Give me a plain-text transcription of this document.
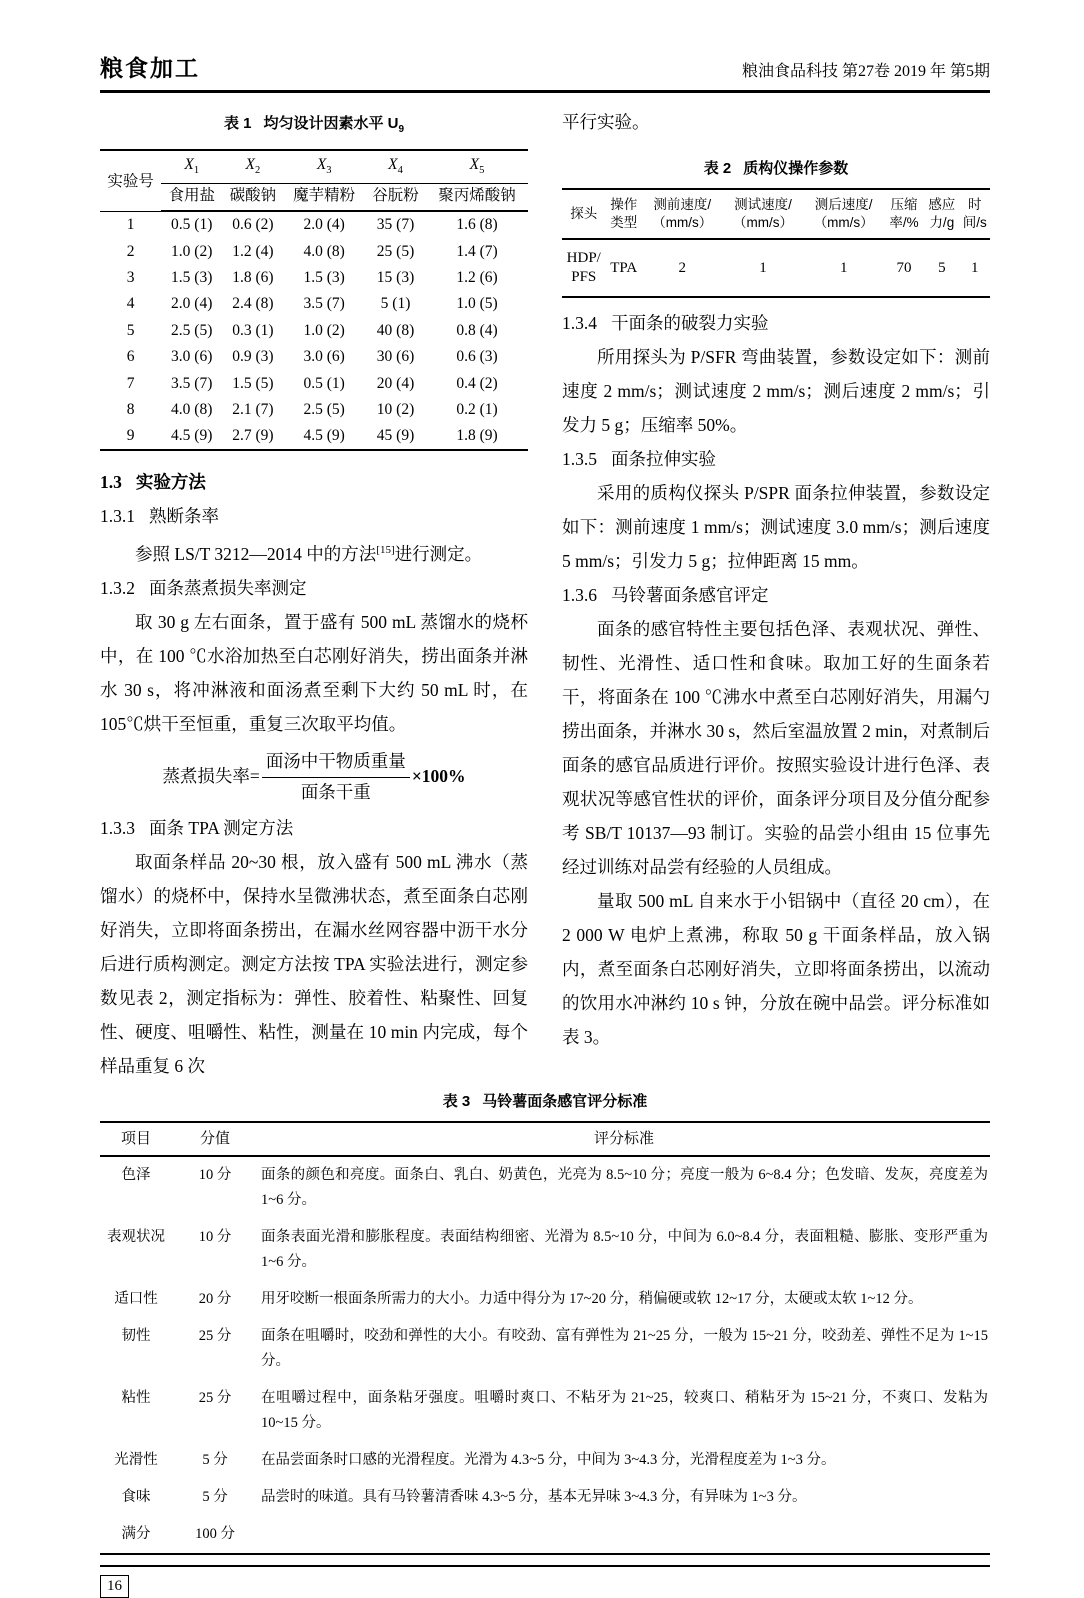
粮食加工	粮油食品科技 第27卷 2019 年 第5期
表 1 均匀设计因素水平 $U_9$
实验号	$X_1$	$X_2$	$X_3$	$X_4$	$X_5$
	食用盐	碳酸钠	魔芋精粉	谷朊粉	聚丙烯酸钠
1	0.5 (1)	0.6 (2)	2.0 (4)	35 (7)	1.6 (8)
2	1.0 (2)	1.2 (4)	4.0 (8)	25 (5)	1.4 (7)
3	1.5 (3)	1.8 (6)	1.5 (3)	15 (3)	1.2 (6)
4	2.0 (4)	2.4 (8)	3.5 (7)	5 (1)	1.0 (5)
5	2.5 (5)	0.3 (1)	1.0 (2)	40 (8)	0.8 (4)
6	3.0 (6)	0.9 (3)	3.0 (6)	30 (6)	0.6 (3)
7	3.5 (7)	1.5 (5)	0.5 (1)	20 (4)	0.4 (2)
8	4.0 (8)	2.1 (7)	2.5 (5)	10 (2)	0.2 (1)
9	4.5 (9)	2.7 (9)	4.5 (9)	45 (9)	1.8 (9)
1.3 实验方法
1.3.1 熟断条率

参照 LS/T 3212—2014 中的方法[15]进行测定。

1.3.2 面条蒸煮损失率测定

取 30 g 左右面条，置于盛有 500 mL 蒸馏水的烧杯中，在 100 ℃水浴加热至白芯刚好消失，捞出面条并淋水 30 s，将冲淋液和面汤煮至剩下大约 50 mL 时，在 105℃烘干至恒重，重复三次取平均值。

蒸煮损失率= $\frac{\text{面汤中干物质重量}}{\text{面条干重}} \times 100\%$
1.3.3 面条 TPA 测定方法

取面条样品 20~30 根，放入盛有 500 mL 沸水（蒸馏水）的烧杯中，保持水呈微沸状态，煮至面条白芯刚好消失，立即将面条捞出，在漏水丝网容器中沥干水分后进行质构测定。测定方法按 TPA 实验法进行，测定参数见表 2，测定指标为：弹性、胶着性、粘聚性、回复性、硬度、咀嚼性、粘性，测量在 10 min 内完成，每个样品重复 6 次

平行实验。

表 2 质构仪操作参数
探头	操作类型	测前速度/（mm/s）	测试速度/（mm/s）	测后速度/（mm/s）	压缩率/%	感应力/g	时间/s
HDP/ PFS	TPA	2	1	1	70	5	1
1.3.4 干面条的破裂力实验

所用探头为 P/SFR 弯曲装置，参数设定如下：测前速度 2 mm/s；测试速度 2 mm/s；测后速度 2 mm/s；引发力 5 g；压缩率 50%。

1.3.5 面条拉伸实验

采用的质构仪探头 P/SPR 面条拉伸装置，参数设定如下：测前速度 1 mm/s；测试速度 3.0 mm/s；测后速度 5 mm/s；引发力 5 g；拉伸距离 15 mm。

1.3.6 马铃薯面条感官评定

面条的感官特性主要包括色泽、表观状况、弹性、韧性、光滑性、适口性和食味。取加工好的生面条若干，将面条在 100 ℃沸水中煮至白芯刚好消失，用漏勺捞出面条，并淋水 30 s，然后室温放置 2 min，对煮制后面条的感官品质进行评价。按照实验设计进行色泽、表观状况等感官性状的评价，面条评分项目及分值分配参考 SB/T 10137—93 制订。实验的品尝小组由 15 位事先经过训练对品尝有经验的人员组成。

量取 500 mL 自来水于小铝锅中（直径 20 cm），在 2 000 W 电炉上煮沸，称取 50 g 干面条样品，放入锅内，煮至面条白芯刚好消失，立即将面条捞出，以流动的饮用水冲淋约 10 s 钟，分放在碗中品尝。评分标准如表 3。

表 3 马铃薯面条感官评分标准
项目	分值	评分标准
色泽	10 分	面条的颜色和亮度。面条白、乳白、奶黄色，光亮为 8.5~10 分；亮度一般为 6~8.4 分；色发暗、发灰，亮度差为 1~6 分。
表观状况	10 分	面条表面光滑和膨胀程度。表面结构细密、光滑为 8.5~10 分，中间为 6.0~8.4 分，表面粗糙、膨胀、变形严重为 1~6 分。
适口性	20 分	用牙咬断一根面条所需力的大小。力适中得分为 17~20 分，稍偏硬或软 12~17 分，太硬或太软 1~12 分。
韧性	25 分	面条在咀嚼时，咬劲和弹性的大小。有咬劲、富有弹性为 21~25 分，一般为 15~21 分，咬劲差、弹性不足为 1~15 分。
粘性	25 分	在咀嚼过程中，面条粘牙强度。咀嚼时爽口、不粘牙为 21~25，较爽口、稍粘牙为 15~21 分，不爽口、发粘为 10~15 分。
光滑性	5 分	在品尝面条时口感的光滑程度。光滑为 4.3~5 分，中间为 3~4.3 分，光滑程度差为 1~3 分。
食味	5 分	品尝时的味道。具有马铃薯清香味 4.3~5 分，基本无异味 3~4.3 分，有异味为 1~3 分。
满分	100 分	
16
